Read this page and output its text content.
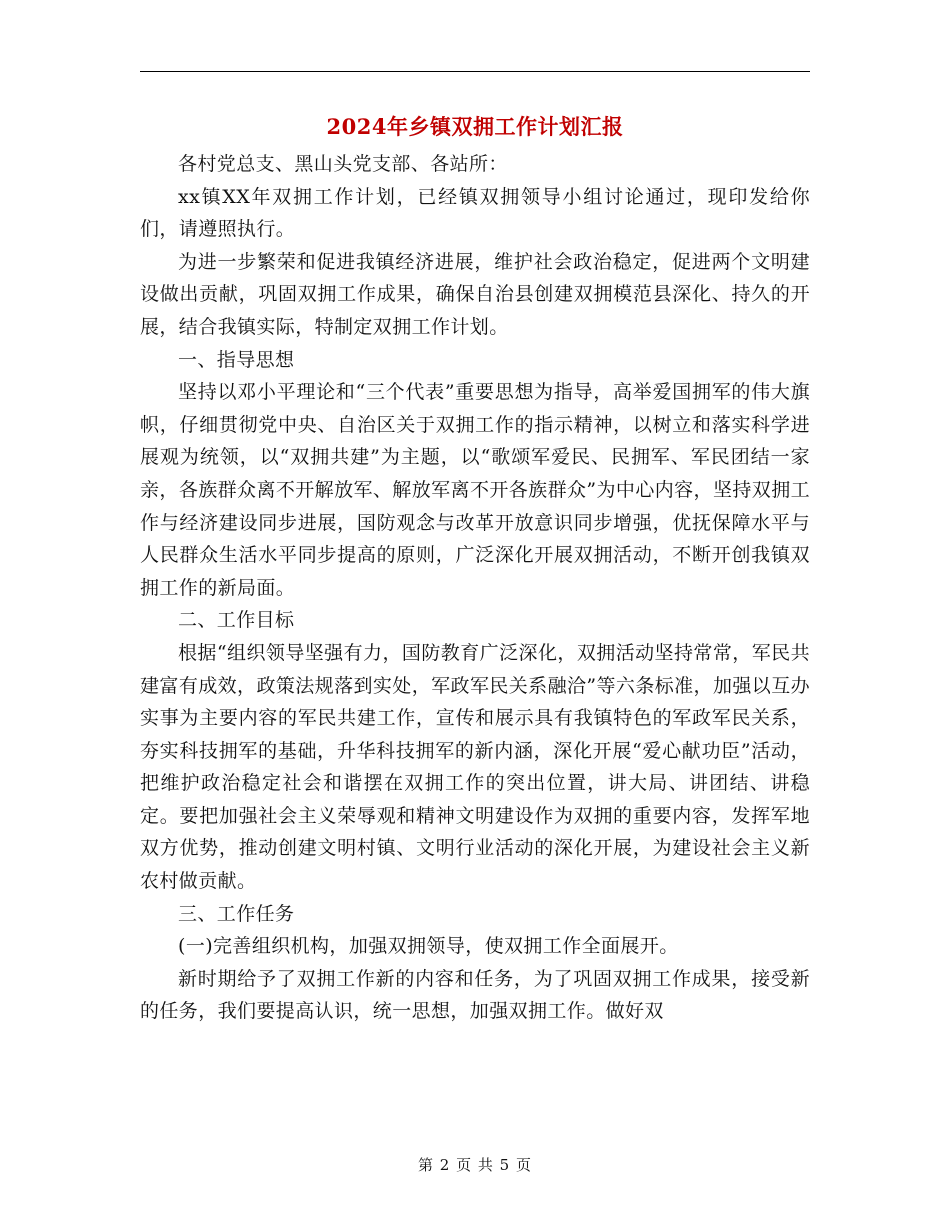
2024年乡镇双拥工作计划汇报

各村党总支、黑山头党支部、各站所：

xx镇XX年双拥工作计划，已经镇双拥领导小组讨论通过，现印发给你们，请遵照执行。

为进一步繁荣和促进我镇经济进展，维护社会政治稳定，促进两个文明建设做出贡献，巩固双拥工作成果，确保自治县创建双拥模范县深化、持久的开展，结合我镇实际，特制定双拥工作计划。

一、指导思想

坚持以邓小平理论和“三个代表”重要思想为指导，高举爱国拥军的伟大旗帜，仔细贯彻党中央、自治区关于双拥工作的指示精神，以树立和落实科学进展观为统领，以“双拥共建”为主题，以“歌颂军爱民、民拥军、军民团结一家亲，各族群众离不开解放军、解放军离不开各族群众”为中心内容，坚持双拥工作与经济建设同步进展，国防观念与改革开放意识同步增强，优抚保障水平与人民群众生活水平同步提高的原则，广泛深化开展双拥活动，不断开创我镇双拥工作的新局面。

二、工作目标

根据“组织领导坚强有力，国防教育广泛深化，双拥活动坚持常常，军民共建富有成效，政策法规落到实处，军政军民关系融洽”等六条标准，加强以互办实事为主要内容的军民共建工作，宣传和展示具有我镇特色的军政军民关系，夯实科技拥军的基础，升华科技拥军的新内涵，深化开展“爱心献功臣”活动，把维护政治稳定社会和谐摆在双拥工作的突出位置，讲大局、讲团结、讲稳定。要把加强社会主义荣辱观和精神文明建设作为双拥的重要内容，发挥军地双方优势，推动创建文明村镇、文明行业活动的深化开展，为建设社会主义新农村做贡献。

三、工作任务

(一)完善组织机构，加强双拥领导，使双拥工作全面展开。

新时期给予了双拥工作新的内容和任务，为了巩固双拥工作成果，接受新的任务，我们要提高认识，统一思想，加强双拥工作。做好双

第 2 页 共 5 页
